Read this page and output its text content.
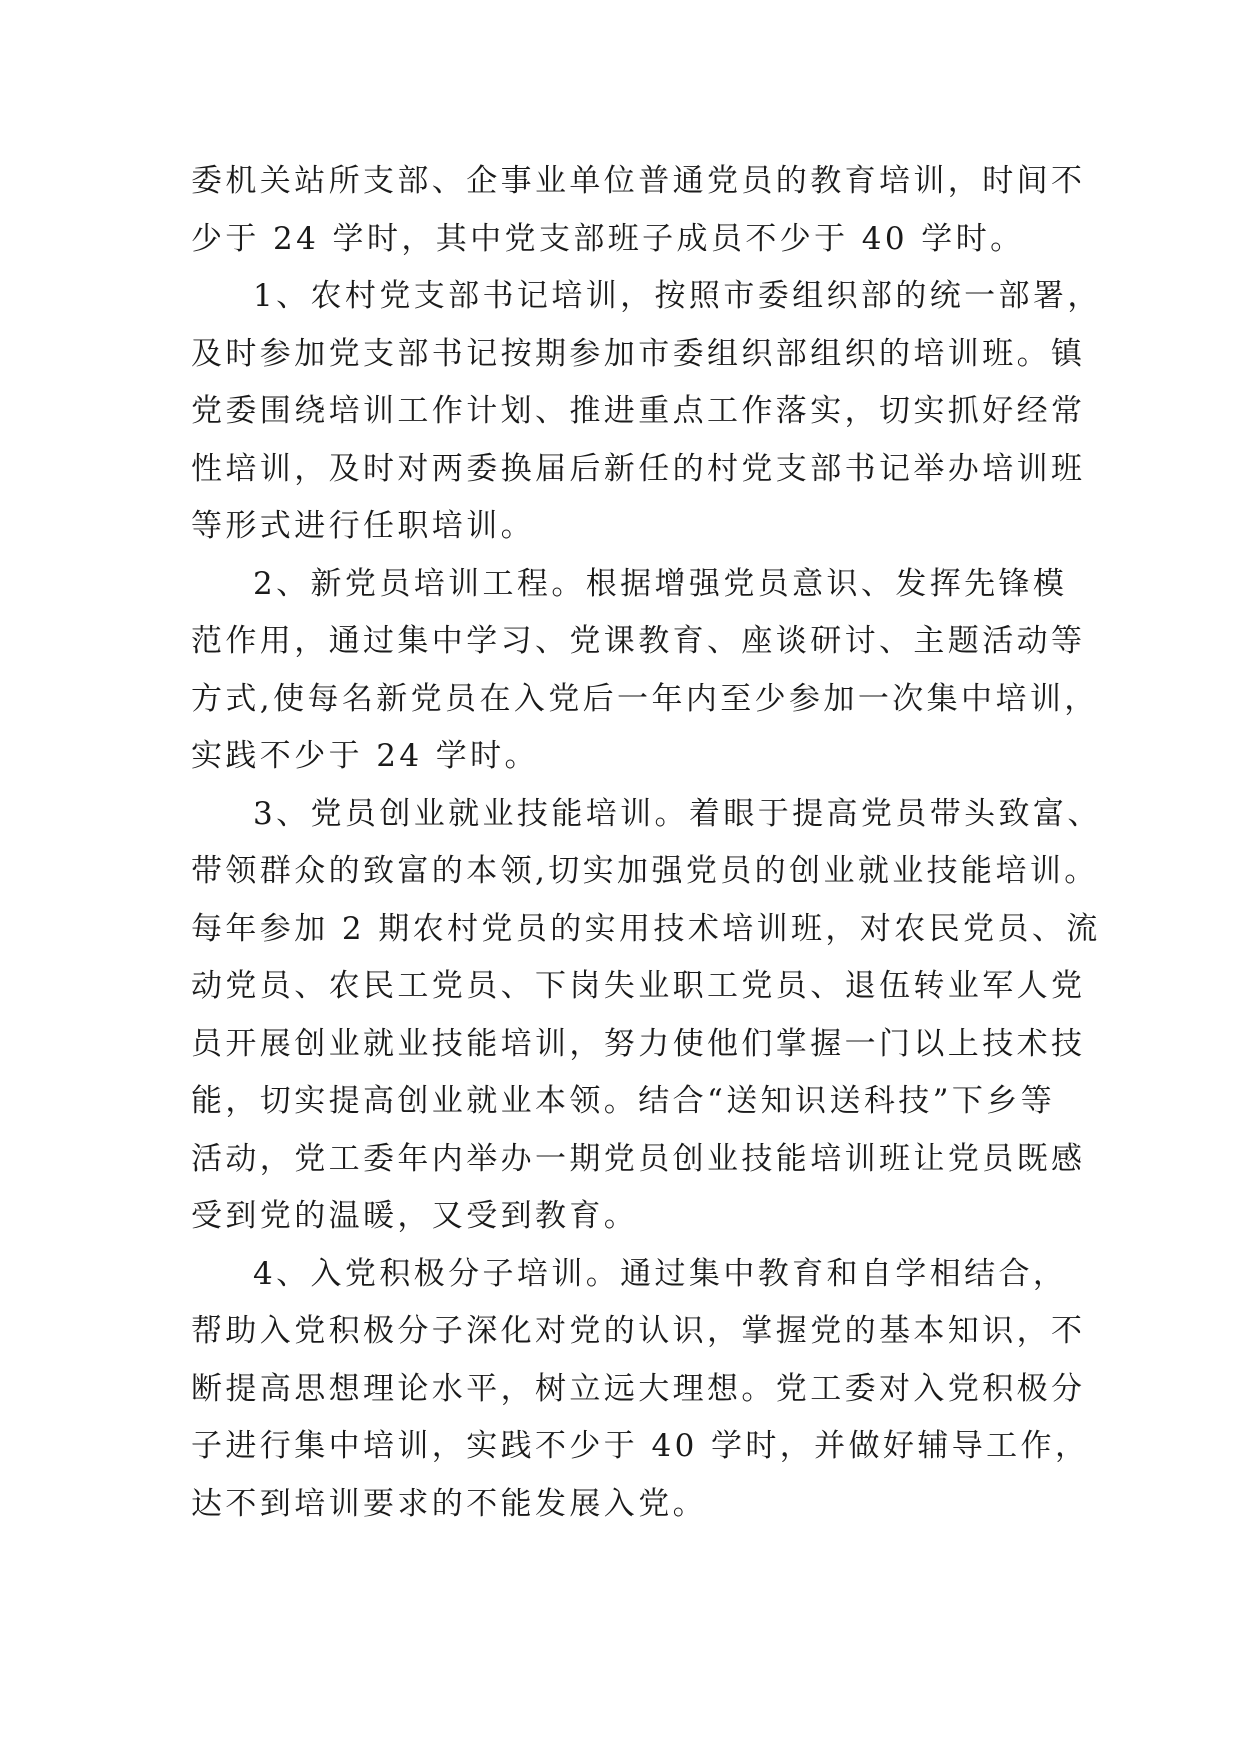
委机关站所支部、企事业单位普通党员的教育培训，时间不
少于 24 学时，其中党支部班子成员不少于 40 学时。
1、农村党支部书记培训，按照市委组织部的统一部署，
及时参加党支部书记按期参加市委组织部组织的培训班。镇
党委围绕培训工作计划、推进重点工作落实，切实抓好经常
性培训，及时对两委换届后新任的村党支部书记举办培训班
等形式进行任职培训。
2、新党员培训工程。根据增强党员意识、发挥先锋模
范作用，通过集中学习、党课教育、座谈研讨、主题活动等
方式,使每名新党员在入党后一年内至少参加一次集中培训，
实践不少于 24 学时。
3、党员创业就业技能培训。着眼于提高党员带头致富、
带领群众的致富的本领,切实加强党员的创业就业技能培训。
每年参加 2 期农村党员的实用技术培训班，对农民党员、流
动党员、农民工党员、下岗失业职工党员、退伍转业军人党
员开展创业就业技能培训，努力使他们掌握一门以上技术技
能，切实提高创业就业本领。结合“送知识送科技”下乡等
活动，党工委年内举办一期党员创业技能培训班让党员既感
受到党的温暖，又受到教育。
4、入党积极分子培训。通过集中教育和自学相结合，
帮助入党积极分子深化对党的认识，掌握党的基本知识，不
断提高思想理论水平，树立远大理想。党工委对入党积极分
子进行集中培训，实践不少于 40 学时，并做好辅导工作，
达不到培训要求的不能发展入党。
